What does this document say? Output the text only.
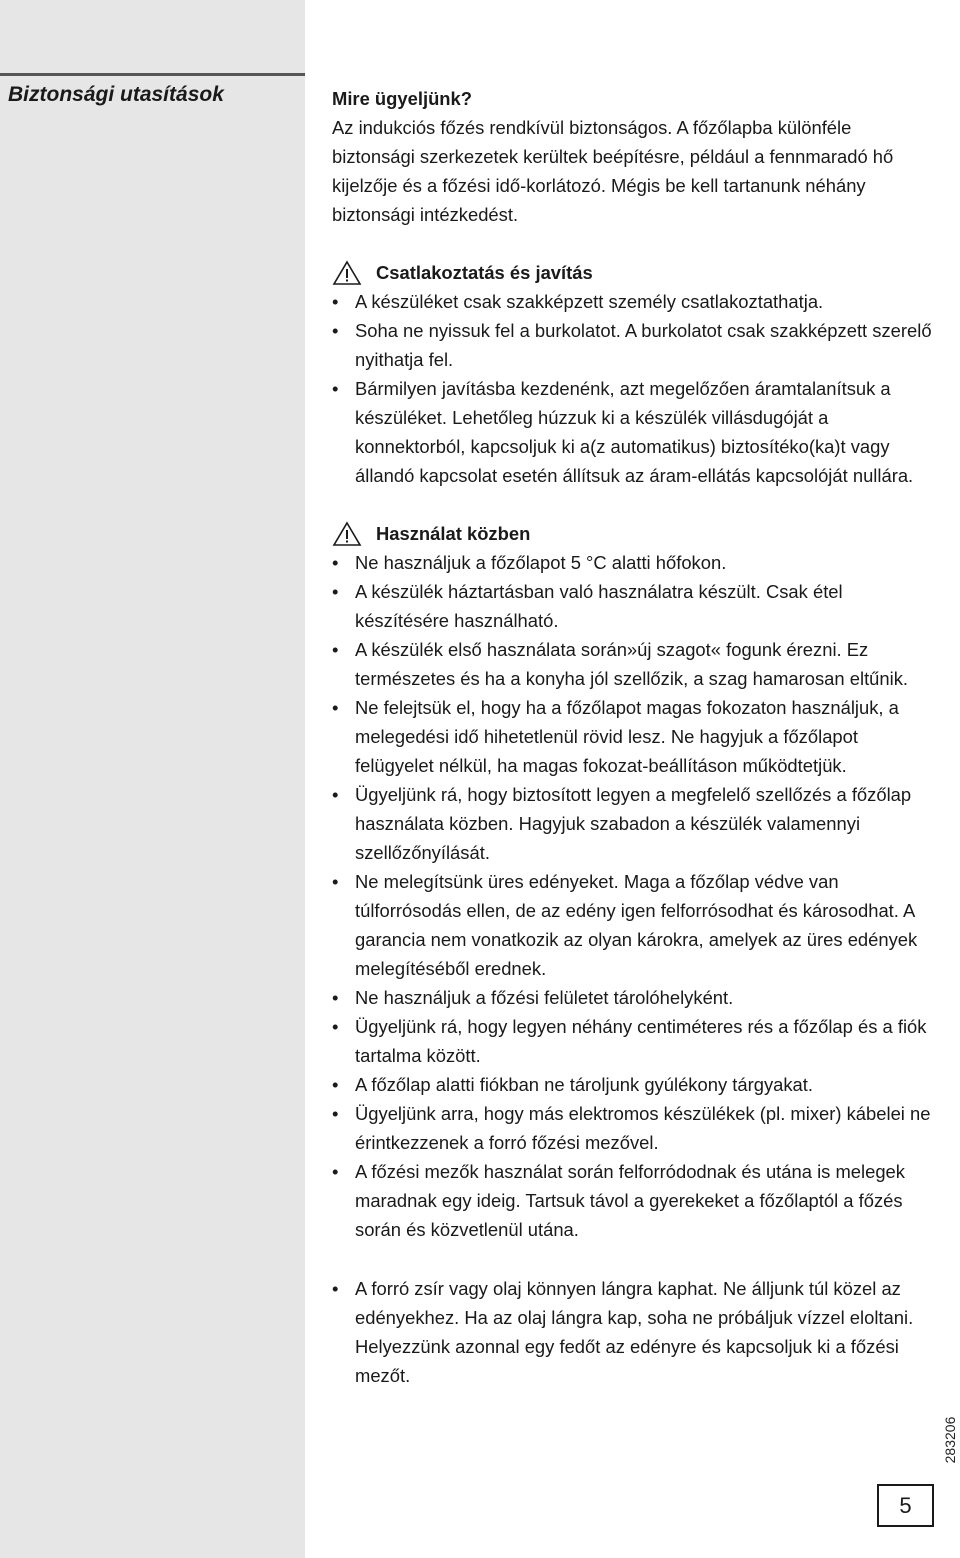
Biztonsági utasítások	Mire ügyeljünk?

Az indukciós főzés rendkívül biztonságos. A főzőlapba különféle biztonsági szerkezetek kerültek beépítésre, például a fennmaradó hő kijelzője és a főzési idő-korlátozó. Mégis be kell tartanunk néhány biztonsági intézkedést.

Csatlakoztatás és javítás
• A készüléket csak szakképzett személy csatlakoztathatja.
• Soha ne nyissuk fel a burkolatot. A burkolatot csak szakképzett szerelő nyithatja fel.
• Bármilyen javításba kezdenénk, azt megelőzően áramtalanítsuk a készüléket. Lehetőleg húzzuk ki a készülék villásdugóját a konnektorból, kapcsoljuk ki a(z automatikus) biztosítéko(ka)t vagy állandó kapcsolat esetén állítsuk az áram-ellátás kapcsolóját nullára.
Használat közben
• Ne használjuk a főzőlapot 5 °C alatti hőfokon.
• A készülék háztartásban való használatra készült. Csak étel készítésére használható.
• A készülék első használata során»új szagot« fogunk érezni. Ez természetes és ha a konyha jól szellőzik, a szag hamarosan eltűnik.
• Ne felejtsük el, hogy ha a főzőlapot magas fokozaton használjuk, a melegedési idő hihetetlenül rövid lesz. Ne hagyjuk a főzőlapot felügyelet nélkül, ha magas fokozat-beállításon működtetjük.
• Ügyeljünk rá, hogy biztosított legyen a megfelelő szellőzés a főzőlap használata közben. Hagyjuk szabadon a készülék valamennyi szellőzőnyílását.
• Ne melegítsünk üres edényeket. Maga a főzőlap védve van túlforrósodás ellen, de az edény igen felforrósodhat és károsodhat. A garancia nem vonatkozik az olyan károkra, amelyek az üres edények melegítéséből erednek.
• Ne használjuk a főzési felületet tárolóhelyként.
• Ügyeljünk rá, hogy legyen néhány centiméteres rés a főzőlap és a fiók tartalma között.
• A főzőlap alatti fiókban ne tároljunk gyúlékony tárgyakat.
• Ügyeljünk arra, hogy más elektromos készülékek (pl. mixer) kábelei ne érintkezzenek a forró főzési mezővel.
• A főzési mezők használat során felforródodnak és utána is melegek maradnak egy ideig. Tartsuk távol a gyerekeket a főzőlaptól a főzés során és közvetlenül utána.
• A forró zsír vagy olaj könnyen lángra kaphat. Ne álljunk túl közel az edényekhez. Ha az olaj lángra kap, soha ne próbáljuk vízzel eloltani. Helyezzünk azonnal egy fedőt az edényre és kapcsoljuk ki a főzési mezőt.
283206
5
